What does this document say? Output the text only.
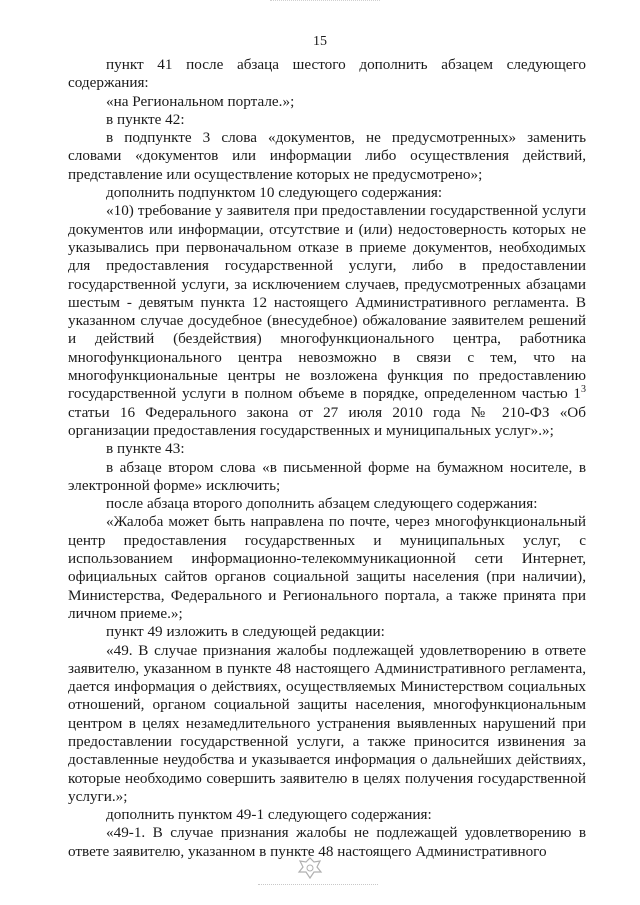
15

пункт 41 после абзаца шестого дополнить абзацем следующего содержания:

«на Региональном портале.»;

в пункте 42:

в подпункте 3 слова «документов, не предусмотренных» заменить словами «документов или информации либо осуществления действий, представление или осуществление которых не предусмотрено»;

дополнить подпунктом 10 следующего содержания:

«10) требование у заявителя при предоставлении государственной услуги документов или информации, отсутствие и (или) недостоверность которых не указывались при первоначальном отказе в приеме документов, необходимых для предоставления государственной услуги, либо в предоставлении государственной услуги, за исключением случаев, предусмотренных абзацами шестым - девятым пункта 12 настоящего Административного регламента. В указанном случае досудебное (внесудебное) обжалование заявителем решений и действий (бездействия) многофункционального центра, работника многофункционального центра невозможно в связи с тем, что на многофункциональные центры не возложена функция по предоставлению государственной услуги в полном объеме в порядке, определенном частью $1^3$ статьи 16 Федерального закона от 27 июля 2010 года № 210-ФЗ «Об организации предоставления государственных и муниципальных услуг».»;

в пункте 43:

в абзаце втором слова «в письменной форме на бумажном носителе, в электронной форме» исключить;

после абзаца второго дополнить абзацем следующего содержания:

«Жалоба может быть направлена по почте, через многофункциональный центр предоставления государственных и муниципальных услуг, с использованием информационно-телекоммуникационной сети Интернет, официальных сайтов органов социальной защиты населения (при наличии), Министерства, Федерального и Регионального портала, а также принята при личном приеме.»;

пункт 49 изложить в следующей редакции:

«49. В случае признания жалобы подлежащей удовлетворению в ответе заявителю, указанном в пункте 48 настоящего Административного регламента, дается информация о действиях, осуществляемых Министерством социальных отношений, органом социальной защиты населения, многофункциональным центром в целях незамедлительного устранения выявленных нарушений при предоставлении государственной услуги, а также приносится извинения за доставленные неудобства и указывается информация о дальнейших действиях, которые необходимо совершить заявителю в целях получения государственной услуги.»;

дополнить пунктом 49-1 следующего содержания:

«49-1. В случае признания жалобы не подлежащей удовлетворению в ответе заявителю, указанном в пункте 48 настоящего Административного
